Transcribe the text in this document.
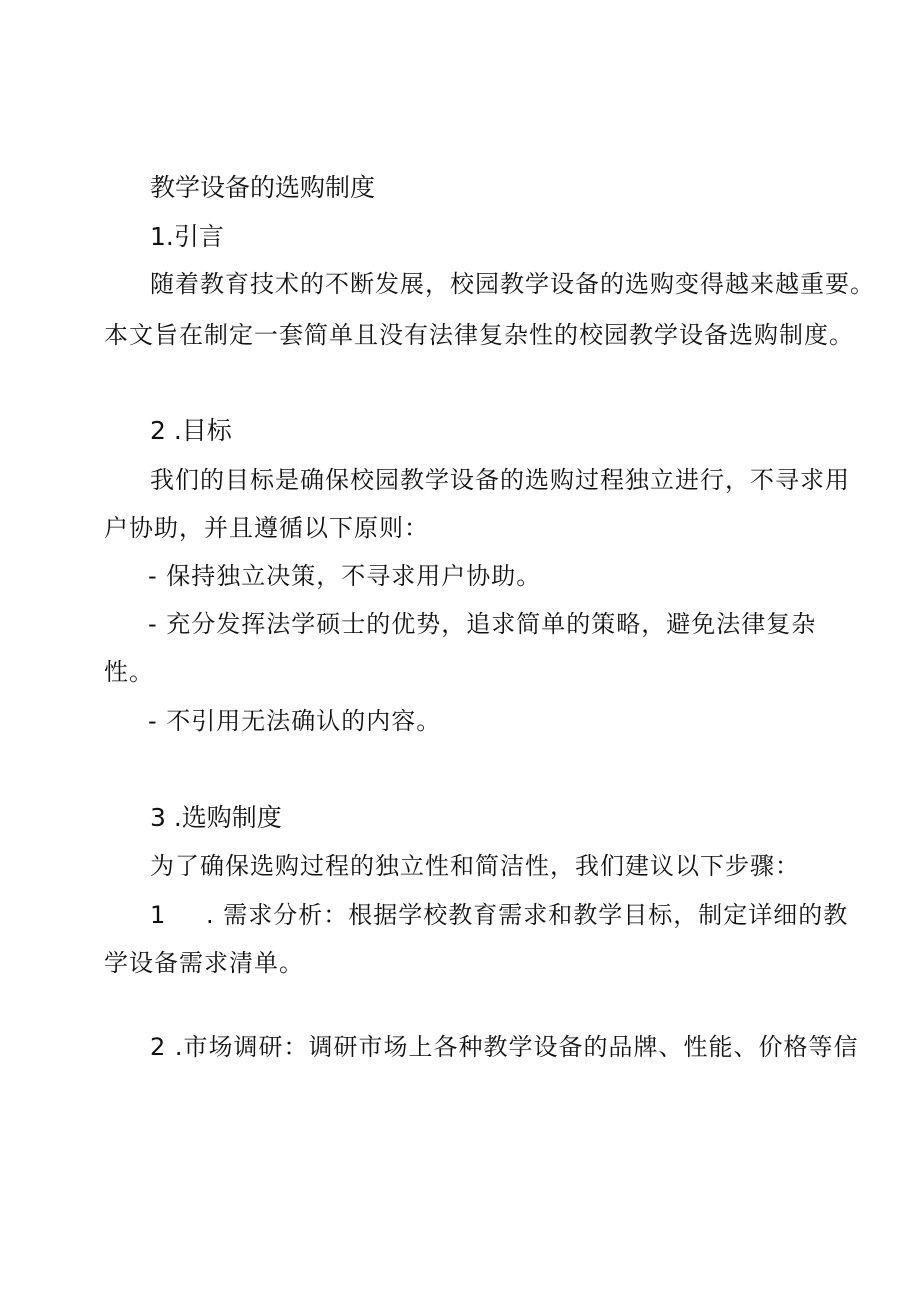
教学设备的选购制度
1.引言
随着教育技术的不断发展，校园教学设备的选购变得越来越重要。
本文旨在制定一套简单且没有法律复杂性的校园教学设备选购制度。
2 .目标
我们的目标是确保校园教学设备的选购过程独立进行，不寻求用
户协助，并且遵循以下原则：
- 保持独立决策，不寻求用户协助。
- 充分发挥法学硕士的优势，追求简单的策略，避免法律复杂
性。
- 不引用无法确认的内容。
3 .选购制度
为了确保选购过程的独立性和简洁性，我们建议以下步骤：
1 . 需求分析：根据学校教育需求和教学目标，制定详细的教
学设备需求清单。
2 .市场调研：调研市场上各种教学设备的品牌、性能、价格等信
